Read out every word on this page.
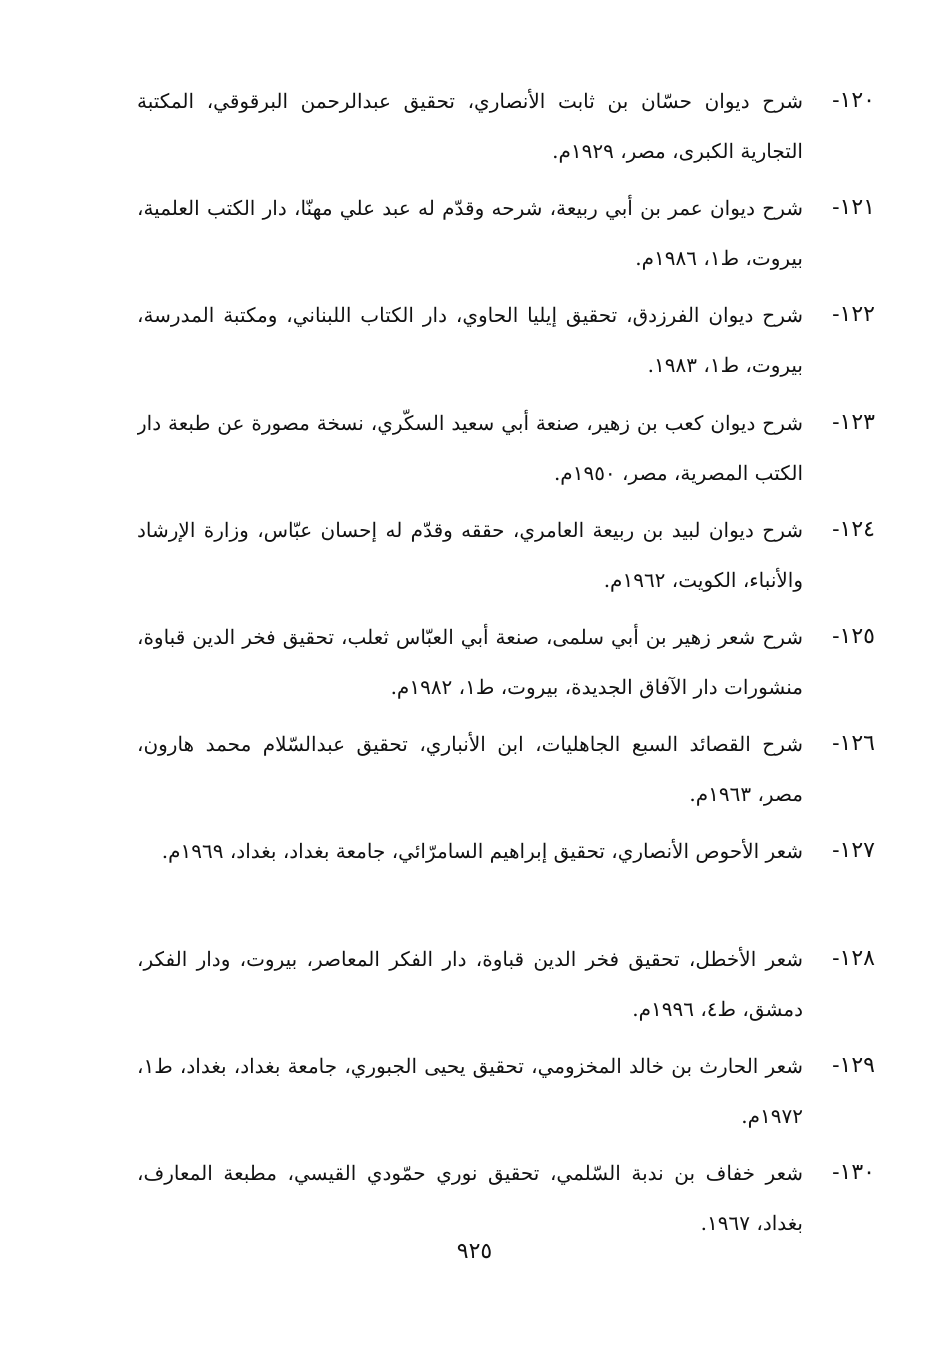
١٢٠-

شرح ديوان حسّان بن ثابت الأنصاري، تحقيق عبدالرحمن البرقوقي، المكتبة التجارية الكبرى، مصر، ١٩٢٩م.

١٢١-

شرح ديوان عمر بن أبي ربيعة، شرحه وقدّم له عبد علي مهنّا، دار الكتب العلمية، بيروت، ط١، ١٩٨٦م.

١٢٢-

شرح ديوان الفرزدق، تحقيق إيليا الحاوي، دار الكتاب اللبناني، ومكتبة المدرسة، بيروت، ط١، ١٩٨٣.

١٢٣-

شرح ديوان كعب بن زهير، صنعة أبي سعيد السكّري، نسخة مصورة عن طبعة دار الكتب المصرية، مصر، ١٩٥٠م.

١٢٤-

شرح ديوان لبيد بن ربيعة العامري، حققه وقدّم له إحسان عبّاس، وزارة الإرشاد والأنباء، الكويت، ١٩٦٢م.

١٢٥-

شرح شعر زهير بن أبي سلمى، صنعة أبي العبّاس ثعلب، تحقيق فخر الدين قباوة، منشورات دار الآفاق الجديدة، بيروت، ط١، ١٩٨٢م.

١٢٦-

شرح القصائد السبع الجاهليات، ابن الأنباري، تحقيق عبدالسّلام محمد هارون، مصر، ١٩٦٣م.

١٢٧-

شعر الأحوص الأنصاري، تحقيق إبراهيم السامرّائي، جامعة بغداد، بغداد، ١٩٦٩م.

١٢٨-

شعر الأخطل، تحقيق فخر الدين قباوة، دار الفكر المعاصر، بيروت، ودار الفكر، دمشق، ط٤، ١٩٩٦م.

١٢٩-

شعر الحارث بن خالد المخزومي، تحقيق يحيى الجبوري، جامعة بغداد، بغداد، ط١، ١٩٧٢م.

١٣٠-

شعر خفاف بن ندبة السّلمي، تحقيق نوري حمّودي القيسي، مطبعة المعارف، بغداد، ١٩٦٧.

٩٢٥
